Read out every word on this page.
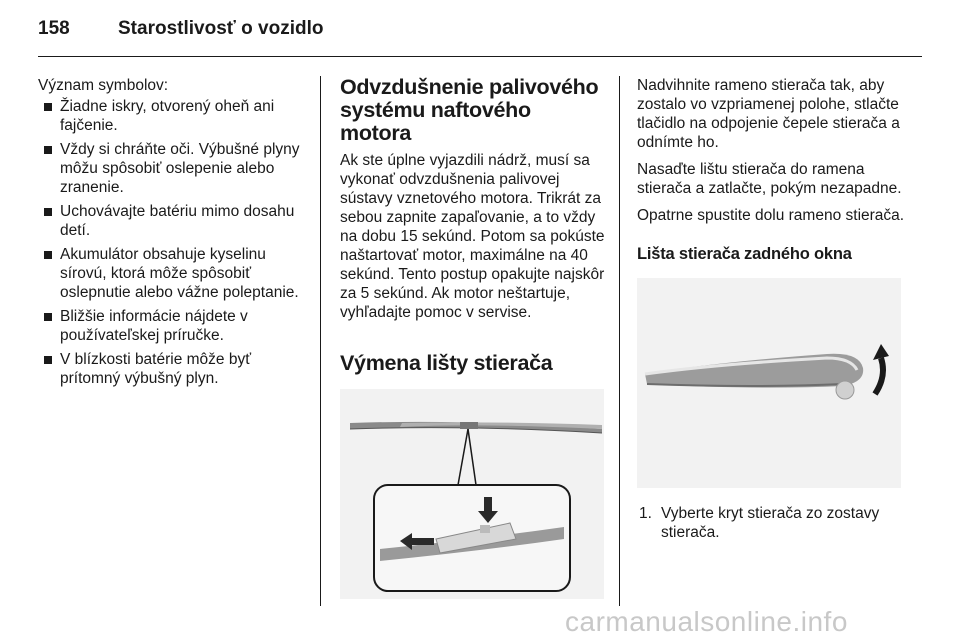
158	Starostlivosť o vozidlo

Význam symbolov:

Žiadne iskry, otvorený oheň ani fajčenie.
Vždy si chráňte oči. Výbušné plyny môžu spôsobiť oslepenie alebo zranenie.
Uchovávajte batériu mimo dosahu detí.
Akumulátor obsahuje kyselinu sírovú, ktorá môže spôsobiť oslepnutie alebo vážne poleptanie.
Bližšie informácie nájdete v používateľskej príručke.
V blízkosti batérie môže byť prítomný výbušný plyn.
Odvzdušnenie palivového systému naftového motora

Ak ste úplne vyjazdili nádrž, musí sa vykonať odvzdušnenia palivovej sústavy vznetového motora. Trikrát za sebou zapnite zapaľovanie, a to vždy na dobu 15 sekúnd. Potom sa pokúste naštartovať motor, maximálne na 40 sekúnd. Tento postup opakujte najskôr za 5 sekúnd. Ak motor neštartuje, vyhľadajte pomoc v servise.

Výmena lišty stierača

Nadvihnite rameno stierača tak, aby zostalo vo vzpriamenej polohe, stlačte tlačidlo na odpojenie čepele stierača a odnímte ho.

Nasaďte lištu stierača do ramena stierača a zatlačte, pokým nezapadne.

Opatrne spustite dolu rameno stierača.

Lišta stierača zadného okna
1. Vyberte kryt stierača zo zostavy stierača.
carmanualsonline.info
